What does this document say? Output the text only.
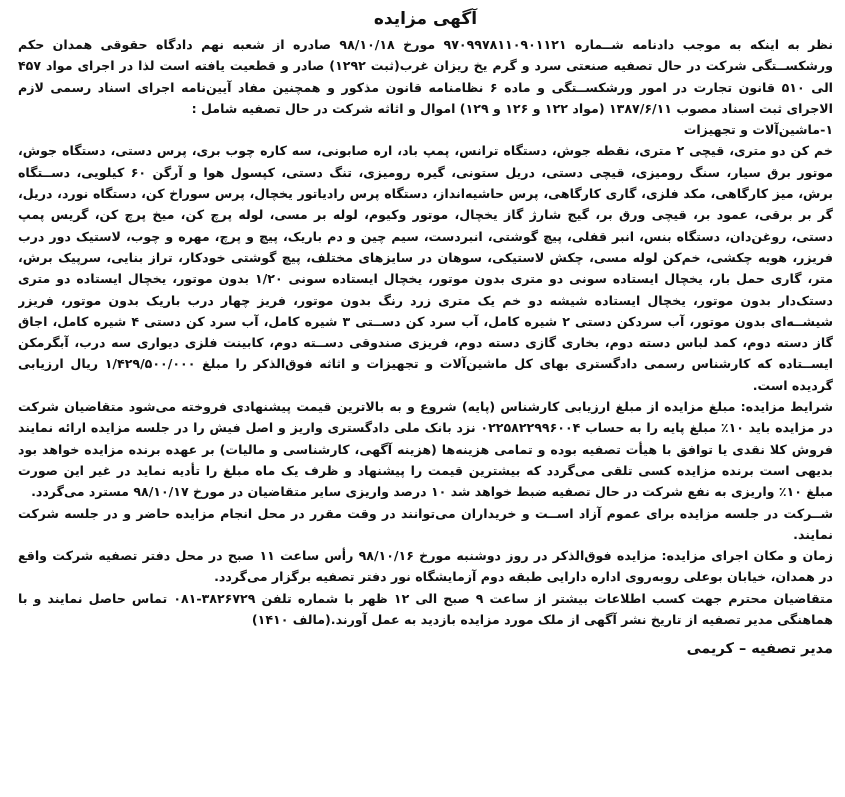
آگهی مزایده

نظر به اینکه به موجب دادنامه شــماره ۹۷۰۹۹۷۸۱۱۰۹۰۱۱۲۱ مورخ ۹۸/۱۰/۱۸ صادره از شعبه نهم دادگاه حقوقی همدان حکم ورشکســتگی شرکت در حال تصفیه صنعتی سرد و گرم یخ ریزان غرب(ثبت ۱۲۹۲) صادر و قطعیت یافته است لذا در اجرای مواد ۴۵۷ الی ۵۱۰ قانون تجارت در امور ورشکســتگی و ماده ۶ نظامنامه قانون مذکور و همچنین مفاد آیین‌نامه اجرای اسناد رسمی لازم الاجرای ثبت اسناد مصوب ۱۳۸۷/۶/۱۱ (مواد ۱۲۲ و ۱۲۶ و ۱۲۹) اموال و اثاثه شرکت در حال تصفیه شامل :

۱-ماشین‌آلات و تجهیزات

خم کن دو متری، قیچی ۲ متری، نقطه جوش، دستگاه ترانس، پمپ باد، اره صابونی، سه کاره چوب بری، پرس دستی، دستگاه جوش، موتور برق سیار، سنگ رومیزی، قیچی دستی، دریل ستونی، گیره رومیزی، تنگ دستی، کپسول هوا و آرگن ۶۰ کیلویی، دســتگاه برش، میز کارگاهی، مکد فلزی، گاری کارگاهی، پرس حاشیه‌انداز، دستگاه پرس رادیاتور یخچال، پرس سوراخ کن، دستگاه نورد، دریل، گر بر برقی، عمود بر، قیچی ورق بر، گیج شارژ گاز یخچال، موتور وکیوم، لوله بر مسی، لوله پرچ کن، میخ پرچ کن، گریس پمپ دستی، روغن‌دان، دستگاه بنس، انبر قفلی، پیچ گوشتی، انبردست، سیم چین و دم باریک، پیچ و پرچ، مهره و چوب، لاستیک دور درب فریزر، هویه چکشی، خم‌کن لوله مسی، چکش لاستیکی، سوهان در سایزهای مختلف، پیچ گوشتی خودکار، تراز بنایی، سرپیک برش، متر، گاری حمل بار، یخچال ایستاده سونی دو متری بدون موتور، یخچال ایستاده سونی ۱/۲۰ بدون موتور، یخچال ایستاده دو متری دستک‌دار بدون موتور، یخچال ایستاده شیشه دو خم یک متری زرد رنگ بدون موتور، فریز چهار درب باریک بدون موتور، فریزر شیشــه‌ای بدون موتور، آب سردکن دستی ۲ شیره کامل، آب سرد کن دســتی ۳ شیره کامل، آب سرد کن دستی ۴ شیره کامل، اجاق گاز دسته دوم، کمد لباس دسته دوم، بخاری گازی دسته دوم، فریزی صندوقی دســته دوم، کابینت فلزی دیواری سه درب، آبگرمکن ایســتاده که کارشناس رسمی دادگستری بهای کل ماشین‌آلات و تجهیزات و اثاثه فوق‌الذکر را مبلغ ۱/۴۲۹/۵۰۰/۰۰۰ ریال ارزیابی گردیده است.

شرایط مزایده: مبلغ مزایده از مبلغ ارزیابی کارشناس (پایه) شروع و به بالاترین قیمت پیشنهادی فروخته می‌شود متقاضیان شرکت در مزایده باید ۱۰٪ مبلغ پایه را به حساب ۰۲۲۵۸۲۲۹۹۶۰۰۴ نزد بانک ملی دادگستری واریز و اصل فیش را در جلسه مزایده ارائه نمایند فروش کلا نقدی یا توافق با هیأت تصفیه بوده و تمامی هزینه‌ها (هزینه آگهی، کارشناسی و مالیات) بر عهده برنده مزایده خواهد بود بدیهی است برنده مزایده کسی تلقی می‌گردد که بیشترین قیمت را پیشنهاد و ظرف یک ماه مبلغ را تأدیه نماید در غیر این صورت مبلغ ۱۰٪ واریزی به نفع شرکت در حال تصفیه ضبط خواهد شد ۱۰ درصد واریزی سایر متقاضیان در مورخ ۹۸/۱۰/۱۷ مسترد می‌گردد.

شــرکت در جلسه مزایده برای عموم آزاد اســت و خریداران می‌توانند در وقت مقرر در محل انجام مزایده حاضر و در جلسه شرکت نمایند.

زمان و مکان اجرای مزایده: مزایده فوق‌الذکر در روز دوشنبه مورخ ۹۸/۱۰/۱۶ رأس ساعت ۱۱ صبح در محل دفتر تصفیه شرکت واقع در همدان، خیابان بوعلی روبه‌روی اداره دارایی طبقه دوم آزمایشگاه نور دفتر تصفیه برگزار می‌گردد.

متقاضیان محترم جهت کسب اطلاعات بیشتر از ساعت ۹ صبح الی ۱۲ ظهر با شماره تلفن ۳۸۲۶۷۲۹-۰۸۱ تماس حاصل نمایند و با هماهنگی مدیر تصفیه از تاریخ نشر آگهی از ملک مورد مزایده بازدید به عمل آورند.(مالف ۱۴۱۰)

مدیر تصفیه – کریمی
